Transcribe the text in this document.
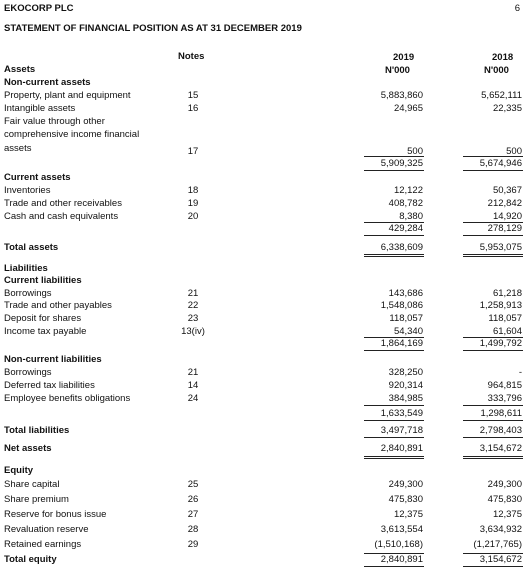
EKOCORP PLC	6
STATEMENT OF FINANCIAL POSITION AS AT 31 DECEMBER 2019
Notes	2019	2018
N'000	N'000
Assets
Non-current assets
Property, plant and equipment	15	5,883,860	5,652,111
Intangible assets	16	24,965	22,335
Fair value through other
comprehensive income financial
assets	17	500	500
5,909,325	5,674,946
Current assets
Inventories	18	12,122	50,367
Trade and other receivables	19	408,782	212,842
Cash and cash equivalents	20	8,380	14,920
429,284	278,129
Total assets	6,338,609	5,953,075
Liabilities
Current liabilities
Borrowings	21	143,686	61,218
Trade and other payables	22	1,548,086	1,258,913
Deposit for shares	23	118,057	118,057
Income tax payable	13(iv)	54,340	61,604
1,864,169	1,499,792
Non-current liabilities
Borrowings	21	328,250	-
Deferred tax liabilities	14	920,314	964,815
Employee benefits obligations	24	384,985	333,796
1,633,549	1,298,611
Total liabilities	3,497,718	2,798,403
Net assets	2,840,891	3,154,672
Equity
Share capital	25	249,300	249,300
Share premium	26	475,830	475,830
Reserve for bonus issue	27	12,375	12,375
Revaluation reserve	28	3,613,554	3,634,932
Retained earnings	29	(1,510,168)	(1,217,765)
Total equity	2,840,891	3,154,672
